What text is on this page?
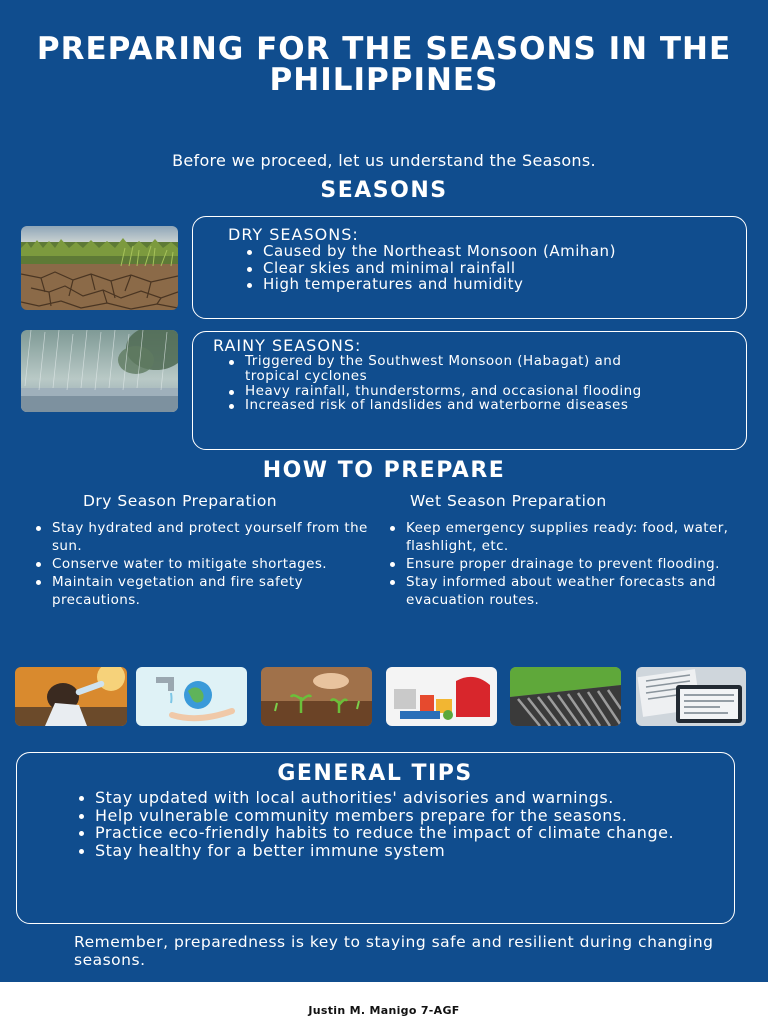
PREPARING FOR THE SEASONS IN THE PHILIPPINES

Before we proceed, let us understand the Seasons.

SEASONS
DRY SEASONS:
Caused by the Northeast Monsoon (Amihan)
Clear skies and minimal rainfall
High temperatures and humidity
RAINY SEASONS:
Triggered by the Southwest Monsoon (Habagat) and tropical cyclones
Heavy rainfall, thunderstorms, and occasional flooding
Increased risk of landslides and waterborne diseases
HOW TO PREPARE
Dry Season Preparation	Wet Season Preparation
Stay hydrated and protect yourself from the sun.
Conserve water to mitigate shortages.
Maintain vegetation and fire safety precautions.
Keep emergency supplies ready: food, water, flashlight, etc.
Ensure proper drainage to prevent flooding.
Stay informed about weather forecasts and evacuation routes.
GENERAL TIPS
Stay updated with local authorities' advisories and warnings.
Help vulnerable community members prepare for the seasons.
Practice eco-friendly habits to reduce the impact of climate change.
Stay healthy for a better immune system

Remember, preparedness is key to staying safe and resilient during changing seasons.

Justin M. Manigo 7-AGF
